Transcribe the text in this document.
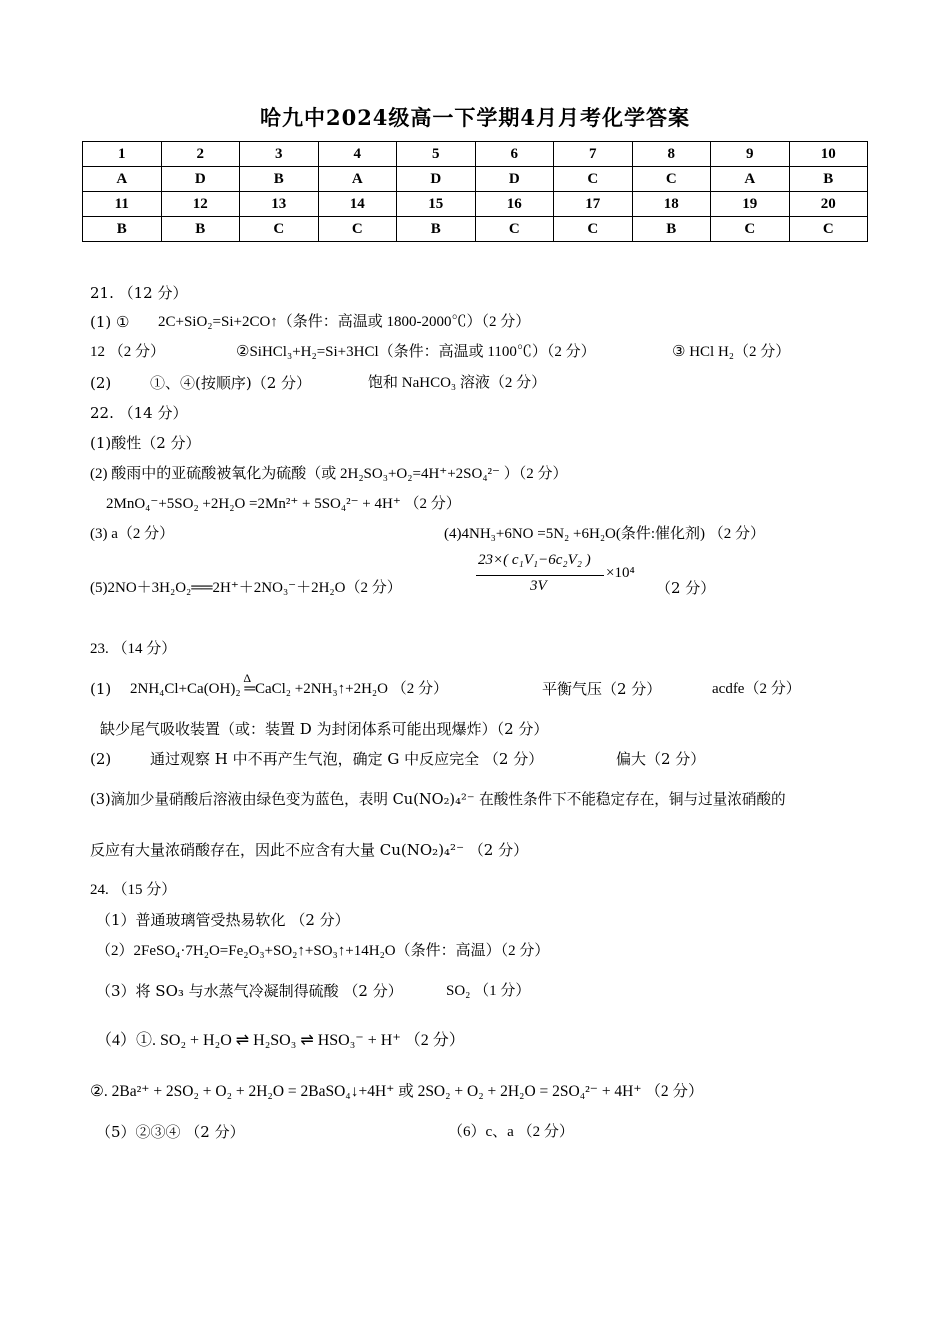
哈九中2024级高一下学期4月月考化学答案
1	2	3	4	5	6	7	8	9	10
A	D	B	A	D	D	C	C	A	B
11	12	13	14	15	16	17	18	19	20
B	B	C	C	B	C	C	B	C	C
21. （12 分）
(1) ① 2C+SiO₂=Si+2CO↑（条件：高温或 1800-2000℃）（2 分）
12 （2 分）	②SiHCl₃+H₂=Si+3HCl（条件：高温或 1100℃）（2 分）	③ HCl H₂（2 分）
(2)	①、④(按顺序)（2 分）	饱和 NaHCO₃ 溶液（2 分）
22. （14 分）
(1)酸性（2 分）
(2) 酸雨中的亚硫酸被氧化为硫酸（或 2H₂SO₃+O₂=4H⁺+2SO₄²⁻ ）（2 分）
2MnO₄⁻+5SO₂ +2H₂O =2Mn²⁺ + 5SO₄²⁻ + 4H⁺ （2 分）
(3) a（2 分）	(4)4NH₃+6NO =5N₂ +6H₂O(条件:催化剂) （2 分）
(5)2NO＋3H₂O₂══2H⁺＋2NO₃⁻＋2H₂O（2 分）
23×( c₁V₁−6c₂V₂ )
3V
×10⁴
（2 分）
23. （14 分）
(1) 2NH₄Cl+Ca(OH)₂
Δ
═CaCl₂ +2NH₃↑+2H₂O （2 分）	平衡气压（2 分）	acdfe（2 分）
缺少尾气吸收装置（或：装置 D 为封闭体系可能出现爆炸）（2 分）
(2)	通过观察 H 中不再产生气泡，确定 G 中反应完全 （2 分）	偏大（2 分）
(3)滴加少量硝酸后溶液由绿色变为蓝色，表明 Cu(NO₂)₄²⁻ 在酸性条件下不能稳定存在，铜与过量浓硝酸的
反应有大量浓硝酸存在，因此不应含有大量 Cu(NO₂)₄²⁻ （2 分）
24. （15 分）
（1）普通玻璃管受热易软化 （2 分）
（2）2FeSO₄·7H₂O=Fe₂O₃+SO₂↑+SO₃↑+14H₂O（条件：高温）（2 分）
（3）将 SO₃ 与水蒸气冷凝制得硫酸 （2 分）	SO₂ （1 分）
（4）①. SO₂ + H₂O ⇌ H₂SO₃ ⇌ HSO₃⁻ + H⁺ （2 分）
②. 2Ba²⁺ + 2SO₂ + O₂ + 2H₂O = 2BaSO₄↓+4H⁺ 或 2SO₂ + O₂ + 2H₂O = 2SO₄²⁻ + 4H⁺ （2 分）
（5）②③④ （2 分）	（6）c、a （2 分）
